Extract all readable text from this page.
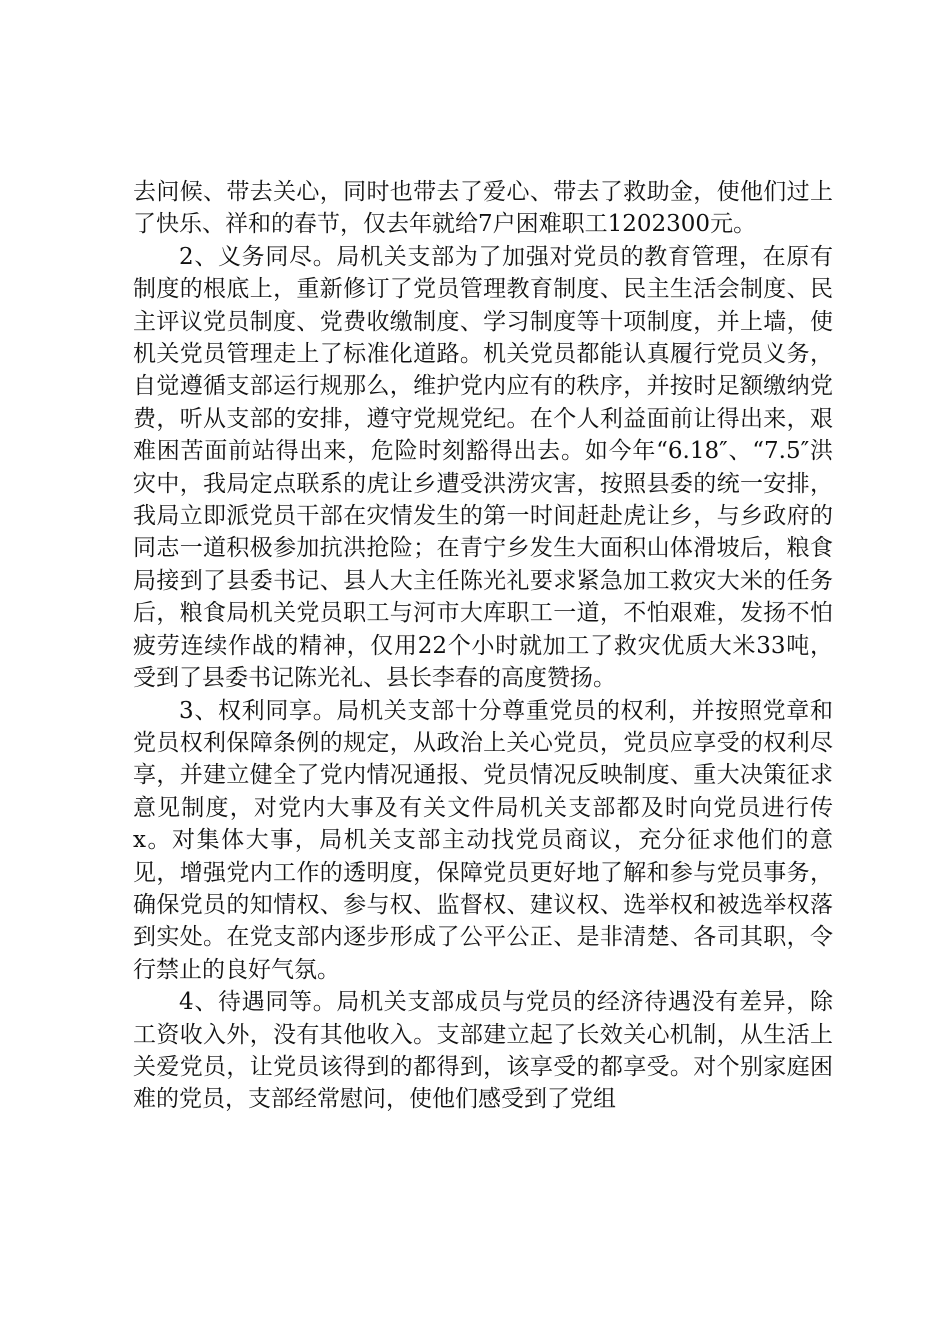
去问候、带去关心，同时也带去了爱心、带去了救助金，使他们过上了快乐、祥和的春节，仅去年就给7户困难职工1202300元。

2、义务同尽。局机关支部为了加强对党员的教育管理，在原有制度的根底上，重新修订了党员管理教育制度、民主生活会制度、民主评议党员制度、党费收缴制度、学习制度等十项制度，并上墙，使机关党员管理走上了标准化道路。机关党员都能认真履行党员义务，自觉遵循支部运行规那么，维护党内应有的秩序，并按时足额缴纳党费，听从支部的安排，遵守党规党纪。在个人利益面前让得出来，艰难困苦面前站得出来，危险时刻豁得出去。如今年“6.18″、“7.5″洪灾中，我局定点联系的虎让乡遭受洪涝灾害，按照县委的统一安排，我局立即派党员干部在灾情发生的第一时间赶赴虎让乡，与乡政府的同志一道积极参加抗洪抢险；在青宁乡发生大面积山体滑坡后，粮食局接到了县委书记、县人大主任陈光礼要求紧急加工救灾大米的任务后，粮食局机关党员职工与河市大库职工一道，不怕艰难，发扬不怕疲劳连续作战的精神，仅用22个小时就加工了救灾优质大米33吨，受到了县委书记陈光礼、县长李春的高度赞扬。

3、权利同享。局机关支部十分尊重党员的权利，并按照党章和党员权利保障条例的规定，从政治上关心党员，党员应享受的权利尽享，并建立健全了党内情况通报、党员情况反映制度、重大决策征求意见制度，对党内大事及有关文件局机关支部都及时向党员进行传x。对集体大事，局机关支部主动找党员商议，充分征求他们的意见，增强党内工作的透明度，保障党员更好地了解和参与党员事务，确保党员的知情权、参与权、监督权、建议权、选举权和被选举权落到实处。在党支部内逐步形成了公平公正、是非清楚、各司其职，令行禁止的良好气氛。

4、待遇同等。局机关支部成员与党员的经济待遇没有差异，除工资收入外，没有其他收入。支部建立起了长效关心机制，从生活上关爱党员，让党员该得到的都得到，该享受的都享受。对个别家庭困难的党员，支部经常慰问，使他们感受到了党组
